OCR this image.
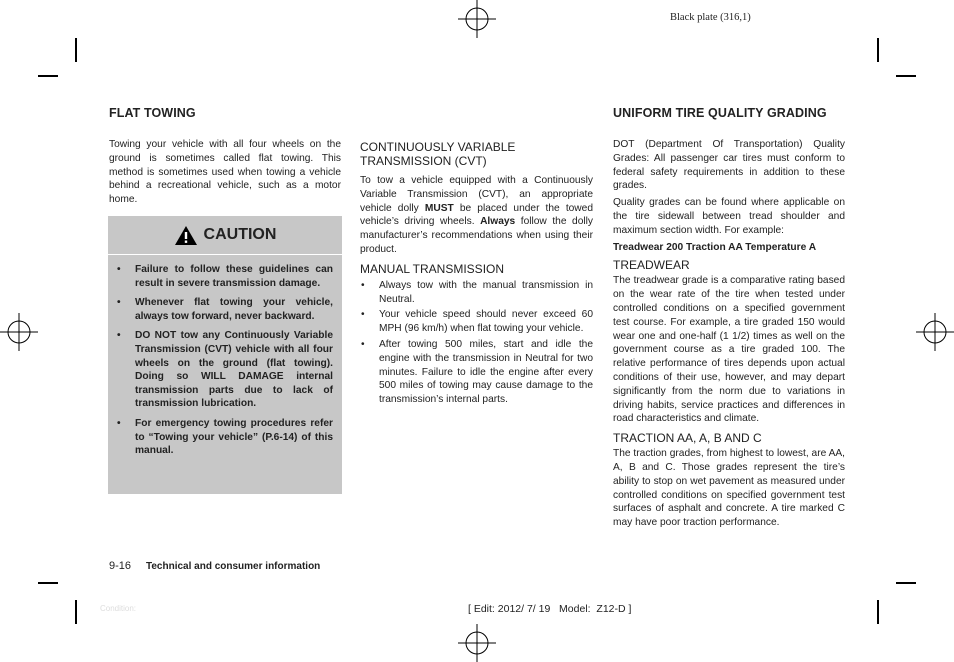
Black plate (316,1)
FLAT TOWING

Towing your vehicle with all four wheels on the ground is sometimes called flat towing. This method is sometimes used when towing a vehicle behind a recreational vehicle, such as a motor home.

CAUTION
• Failure to follow these guidelines can result in severe transmission damage.
• Whenever flat towing your vehicle, always tow forward, never backward.
• DO NOT tow any Continuously Variable Transmission (CVT) vehicle with all four wheels on the ground (flat towing). Doing so WILL DAMAGE internal transmission parts due to lack of transmission lubrication.
• For emergency towing procedures refer to “Towing your vehicle” (P.6-14) of this manual.

CONTINUOUSLY VARIABLE TRANSMISSION (CVT)

To tow a vehicle equipped with a Continuously Variable Transmission (CVT), an appropriate vehicle dolly MUST be placed under the towed vehicle’s driving wheels. Always follow the dolly manufacturer’s recommendations when using their product.

MANUAL TRANSMISSION

• Always tow with the manual transmission in Neutral.
• Your vehicle speed should never exceed 60 MPH (96 km/h) when flat towing your vehicle.
• After towing 500 miles, start and idle the engine with the transmission in Neutral for two minutes. Failure to idle the engine after every 500 miles of towing may cause damage to the transmission’s internal parts.
UNIFORM TIRE QUALITY GRADING

DOT (Department Of Transportation) Quality Grades: All passenger car tires must conform to federal safety requirements in addition to these grades.

Quality grades can be found where applicable on the tire sidewall between tread shoulder and maximum section width. For example:

Treadwear 200 Traction AA Temperature A

TREADWEAR

The treadwear grade is a comparative rating based on the wear rate of the tire when tested under controlled conditions on a specified government test course. For example, a tire graded 150 would wear one and one-half (1 1/2) times as well on the government course as a tire graded 100. The relative performance of tires depends upon actual conditions of their use, however, and may depart significantly from the norm due to variations in driving habits, service practices and differences in road characteristics and climate.

TRACTION AA, A, B AND C

The traction grades, from highest to lowest, are AA, A, B and C. Those grades represent the tire’s ability to stop on wet pavement as measured under controlled conditions on specified government test surfaces of asphalt and concrete. A tire marked C may have poor traction performance.

9-16 Technical and consumer information
Condition:	[ Edit: 2012/ 7/ 19   Model:  Z12-D ]
